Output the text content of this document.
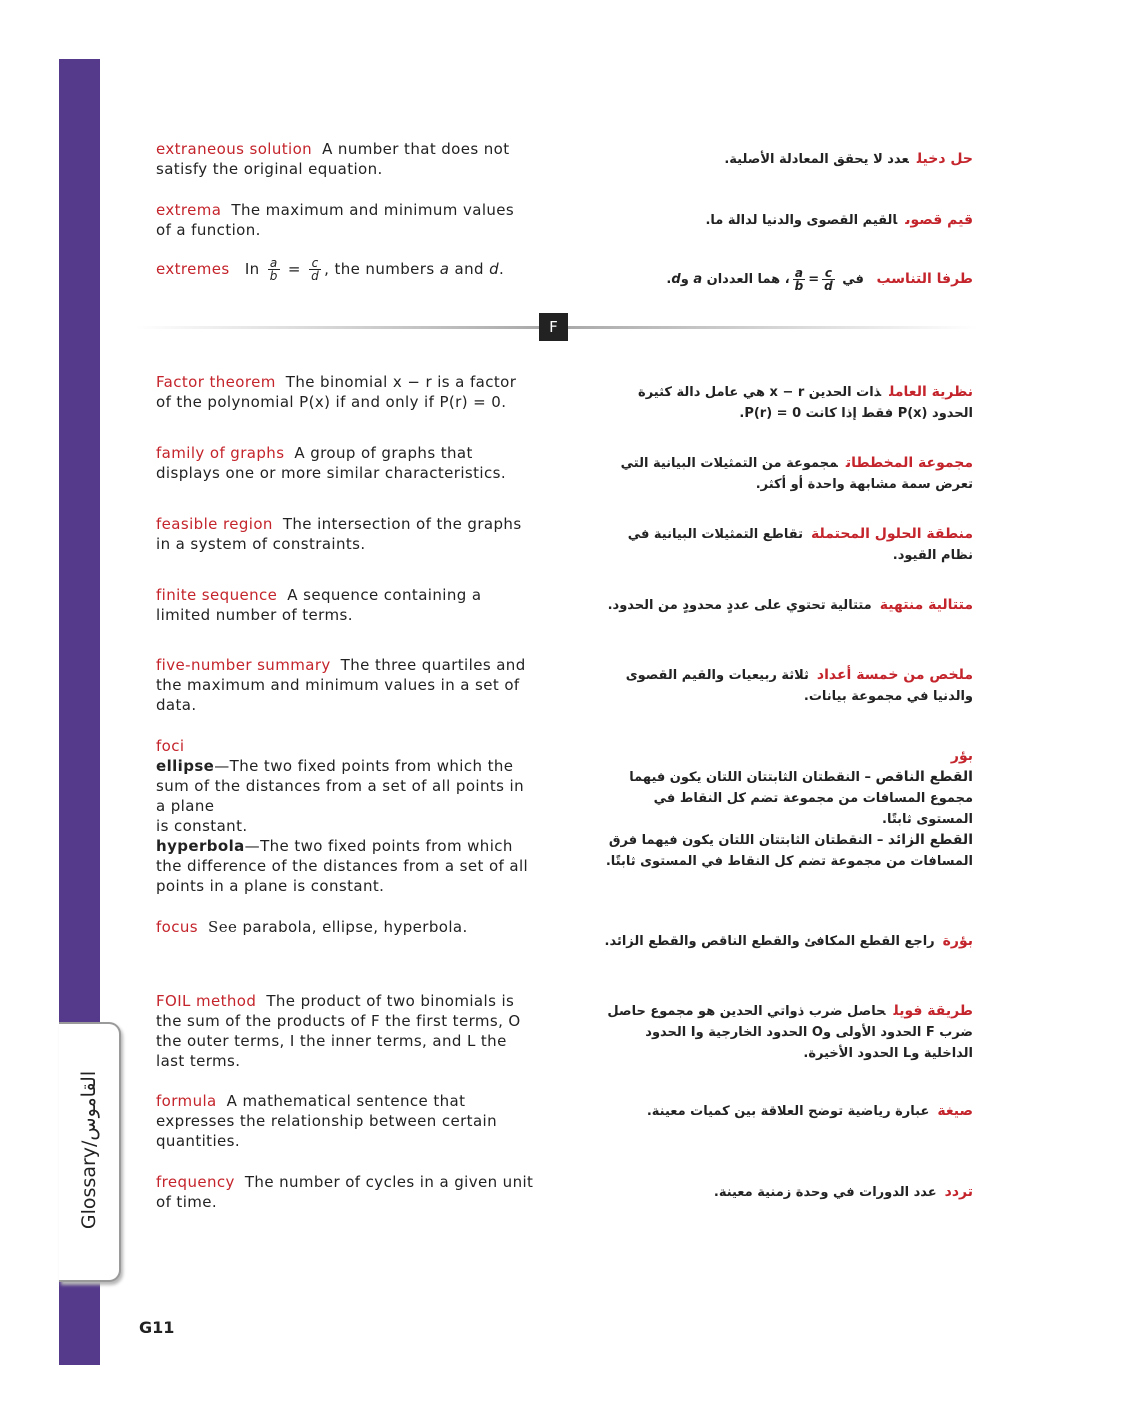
Glossary/القاموس
extraneous solution A number that does not satisfy the original equation.
حل دخيلعدد لا يحقق المعادلة الأصلية.
extrema The maximum and minimum values of a function.
قيم قصوىالقيم القصوى والدنيا لدالة ما.
extremes In $\frac{a}{b} = \frac{c}{d}$ , the numbers a and d.
طرفا التناسب في
$\frac{a}{b} = \frac{c}{d}$
، هما العددان a وd.
F
Factor theorem The binomial x − r is a factor of the polynomial P(x) if and only if P(r) = 0.
نظرية العاملذات الحدين x − r هي عامل دالة كثيرة الحدود P(x) فقط إذا كانت P(r) = 0.
family of graphs A group of graphs that displays one or more similar characteristics.
مجموعة المخططاتمجموعة من التمثيلات البيانية التي تعرض سمة مشابهة واحدة أو أكثر.
feasible region The intersection of the graphs in a system of constraints.
منطقة الحلول المحتملةتقاطع التمثيلات البيانية في نظام القيود.
finite sequence A sequence containing a limited number of terms.
متتالية منتهيةمتتالية تحتوي على عددٍ محدودٍ من الحدود.
five-number summary The three quartiles and the maximum and minimum values in a set of data.
ملخص من خمسة أعدادثلاثة ربيعيات والقيم القصوى والدنيا في مجموعة بيانات.
foci
ellipse—The two fixed points from which the sum of the distances from a set of all points in a plane
is constant.
hyperbola—The two fixed points from which the difference of the distances from a set of all points in a plane is constant.
بؤر
القطع الناقص – النقطتان الثابتتان اللتان يكون فيهما مجموع المسافات من مجموعة تضم كل النقاط في المستوى ثابتًا.
القطع الزائد – النقطتان الثابتتان اللتان يكون فيهما فرق المسافات من مجموعة تضم كل النقاط في المستوى ثابتًا.
focus See parabola, ellipse, hyperbola.
بؤرةراجع القطع المكافئ والقطع الناقص والقطع الزائد.
FOIL method The product of two binomials is the sum of the products of F the first terms, O the outer terms, I the inner terms, and L the last terms.
طريقة فويلحاصل ضرب ذواتي الحدين هو مجموع حاصل ضرب F الحدود الأولى وO الحدود الخارجية وI الحدود الداخلية وL الحدود الأخيرة.
formula A mathematical sentence that expresses the relationship between certain quantities.
صيغةعبارة رياضية توضح العلاقة بين كميات معينة.
frequency The number of cycles in a given unit of time.
ترددعدد الدورات في وحدة زمنية معينة.
G11
